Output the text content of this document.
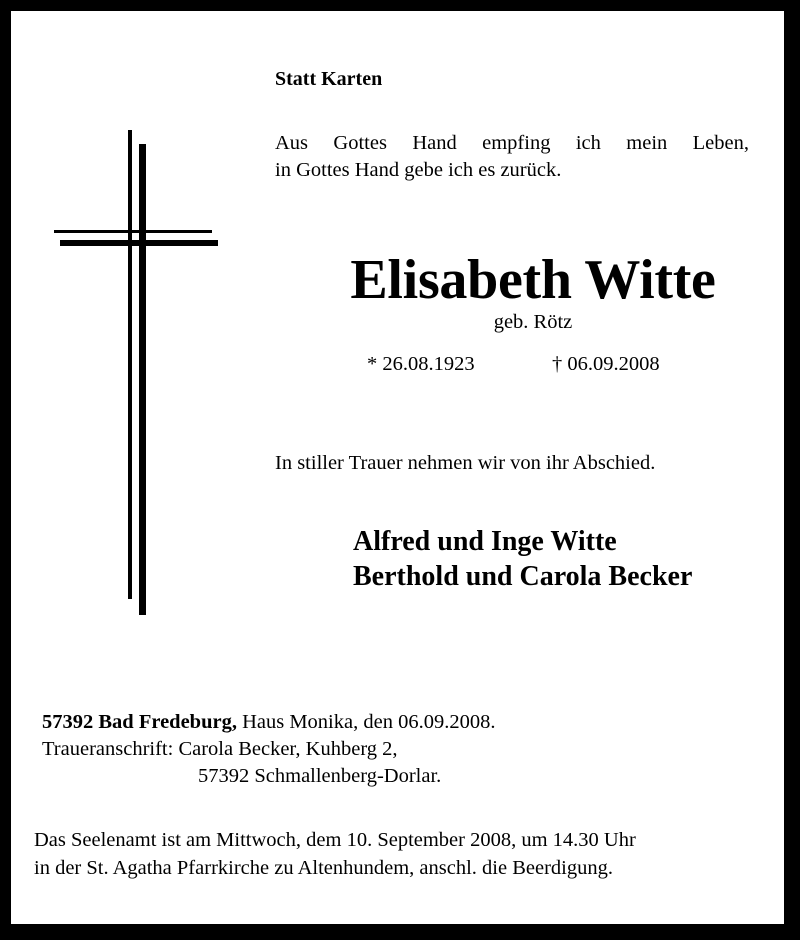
Statt Karten
Aus Gottes Hand empfing ich mein Leben,
in Gottes Hand gebe ich es zurück.
Elisabeth Witte
geb. Rötz
* 26.08.1923	† 06.09.2008
In stiller Trauer nehmen wir von ihr Abschied.
Alfred und Inge Witte
Berthold und Carola Becker
57392 Bad Fredeburg, Haus Monika, den 06.09.2008.
Traueranschrift: Carola Becker, Kuhberg 2,
57392 Schmallenberg-Dorlar.
Das Seelenamt ist am Mittwoch, dem 10. September 2008, um 14.30 Uhr
in der St. Agatha Pfarrkirche zu Altenhundem, anschl. die Beerdigung.
